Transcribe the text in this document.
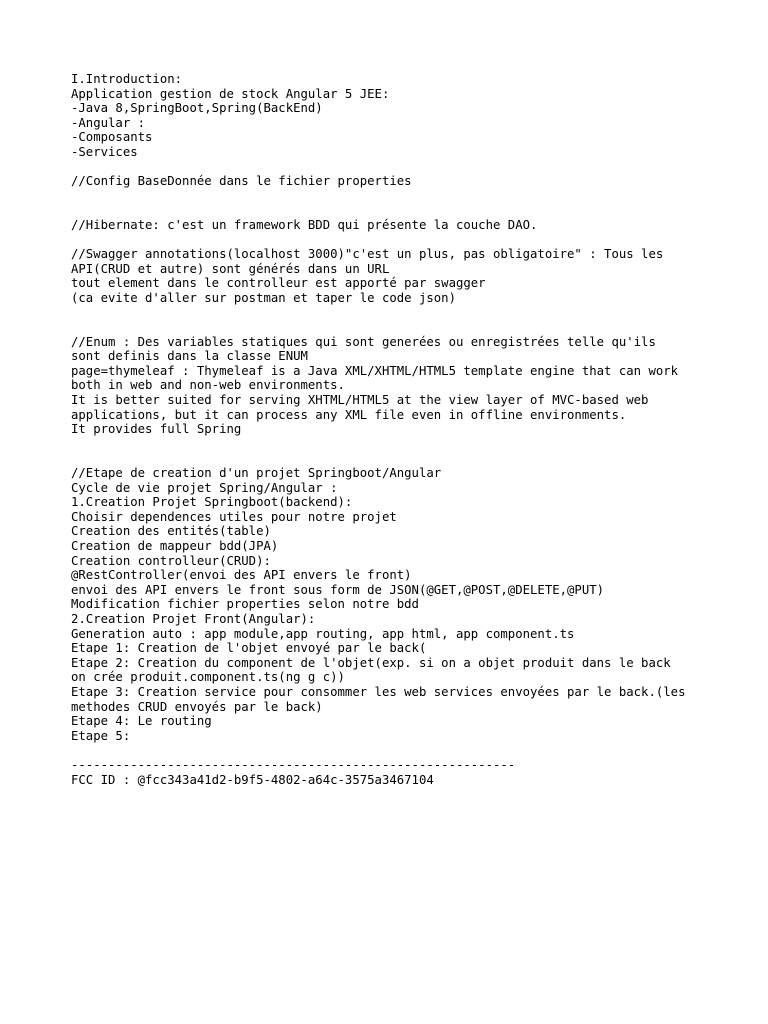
I.Introduction:
Application gestion de stock Angular 5 JEE:
-Java 8,SpringBoot,Spring(BackEnd)
-Angular :
-Composants
-Services
//Config BaseDonnée dans le fichier properties
//Hibernate: c'est un framework BDD qui présente la couche DAO.
//Swagger annotations(localhost 3000)"c'est un plus, pas obligatoire" : Tous les
API(CRUD et autre) sont générés dans un URL
tout element dans le controlleur est apporté par swagger
(ca evite d'aller sur postman et taper le code json)
//Enum : Des variables statiques qui sont generées ou enregistrées telle qu'ils
sont definis dans la classe ENUM
page=thymeleaf : Thymeleaf is a Java XML/XHTML/HTML5 template engine that can work
both in web and non-web environments.
It is better suited for serving XHTML/HTML5 at the view layer of MVC-based web
applications, but it can process any XML file even in offline environments.
It provides full Spring
//Etape de creation d'un projet Springboot/Angular
Cycle de vie projet Spring/Angular :
1.Creation Projet Springboot(backend):
Choisir dependences utiles pour notre projet
Creation des entités(table)
Creation de mappeur bdd(JPA)
Creation controlleur(CRUD):
@RestController(envoi des API envers le front)
envoi des API envers le front sous form de JSON(@GET,@POST,@DELETE,@PUT)
Modification fichier properties selon notre bdd
2.Creation Projet Front(Angular):
Generation auto : app module,app routing, app html, app component.ts
Etape 1: Creation de l'objet envoyé par le back(
Etape 2: Creation du component de l'objet(exp. si on a objet produit dans le back
on crée produit.component.ts(ng g c))
Etape 3: Creation service pour consommer les web services envoyées par le back.(les
methodes CRUD envoyés par le back)
Etape 4: Le routing
Etape 5:
------------------------------------------------------------
FCC ID : @fcc343a41d2-b9f5-4802-a64c-3575a3467104
